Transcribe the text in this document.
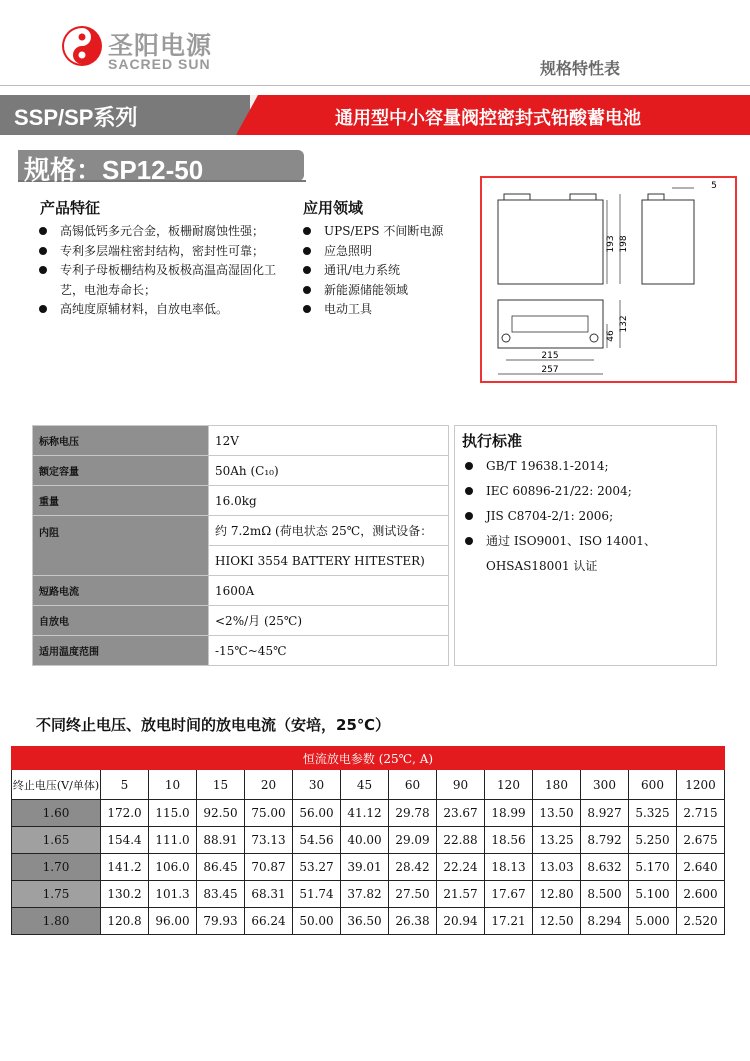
圣阳电源
SACRED SUN	规格特性表
SSP/SP系列	通用型中小容量阀控密封式铅酸蓄电池
规格：SP12-50
产品特征
高锡低钙多元合金，板栅耐腐蚀性强；
专利多层端柱密封结构，密封性可靠；
专利子母板栅结构及板极高温高湿固化工艺，电池寿命长；
高纯度原辅材料，自放电率低。
应用领域
UPS/EPS 不间断电源
应急照明
通讯/电力系统
新能源储能领域
电动工具
193 198
5
46
132
215
257
标称电压	12V
额定容量	50Ah (C₁₀)
重量	16.0kg
内阻	约 7.2mΩ (荷电状态 25℃，测试设备：
	HIOKI 3554 BATTERY HITESTER)
短路电流	1600A
自放电	<2%/月 (25℃)
适用温度范围	-15℃~45℃
执行标准
GB/T 19638.1-2014;
IEC 60896-21/22: 2004;
JIS C8704-2/1: 2006;
通过 ISO9001、ISO 14001、OHSAS18001 认证
不同终止电压、放电时间的放电电流（安培，25℃）
恒流放电参数 (25℃, A)													
终止电压(V/单体)	5	10	15	20	30	45	60	90	120	180	300	600	1200
1.60	172.0	115.0	92.50	75.00	56.00	41.12	29.78	23.67	18.99	13.50	8.927	5.325	2.715
1.65	154.4	111.0	88.91	73.13	54.56	40.00	29.09	22.88	18.56	13.25	8.792	5.250	2.675
1.70	141.2	106.0	86.45	70.87	53.27	39.01	28.42	22.24	18.13	13.03	8.632	5.170	2.640
1.75	130.2	101.3	83.45	68.31	51.74	37.82	27.50	21.57	17.67	12.80	8.500	5.100	2.600
1.80	120.8	96.00	79.93	66.24	50.00	36.50	26.38	20.94	17.21	12.50	8.294	5.000	2.520
